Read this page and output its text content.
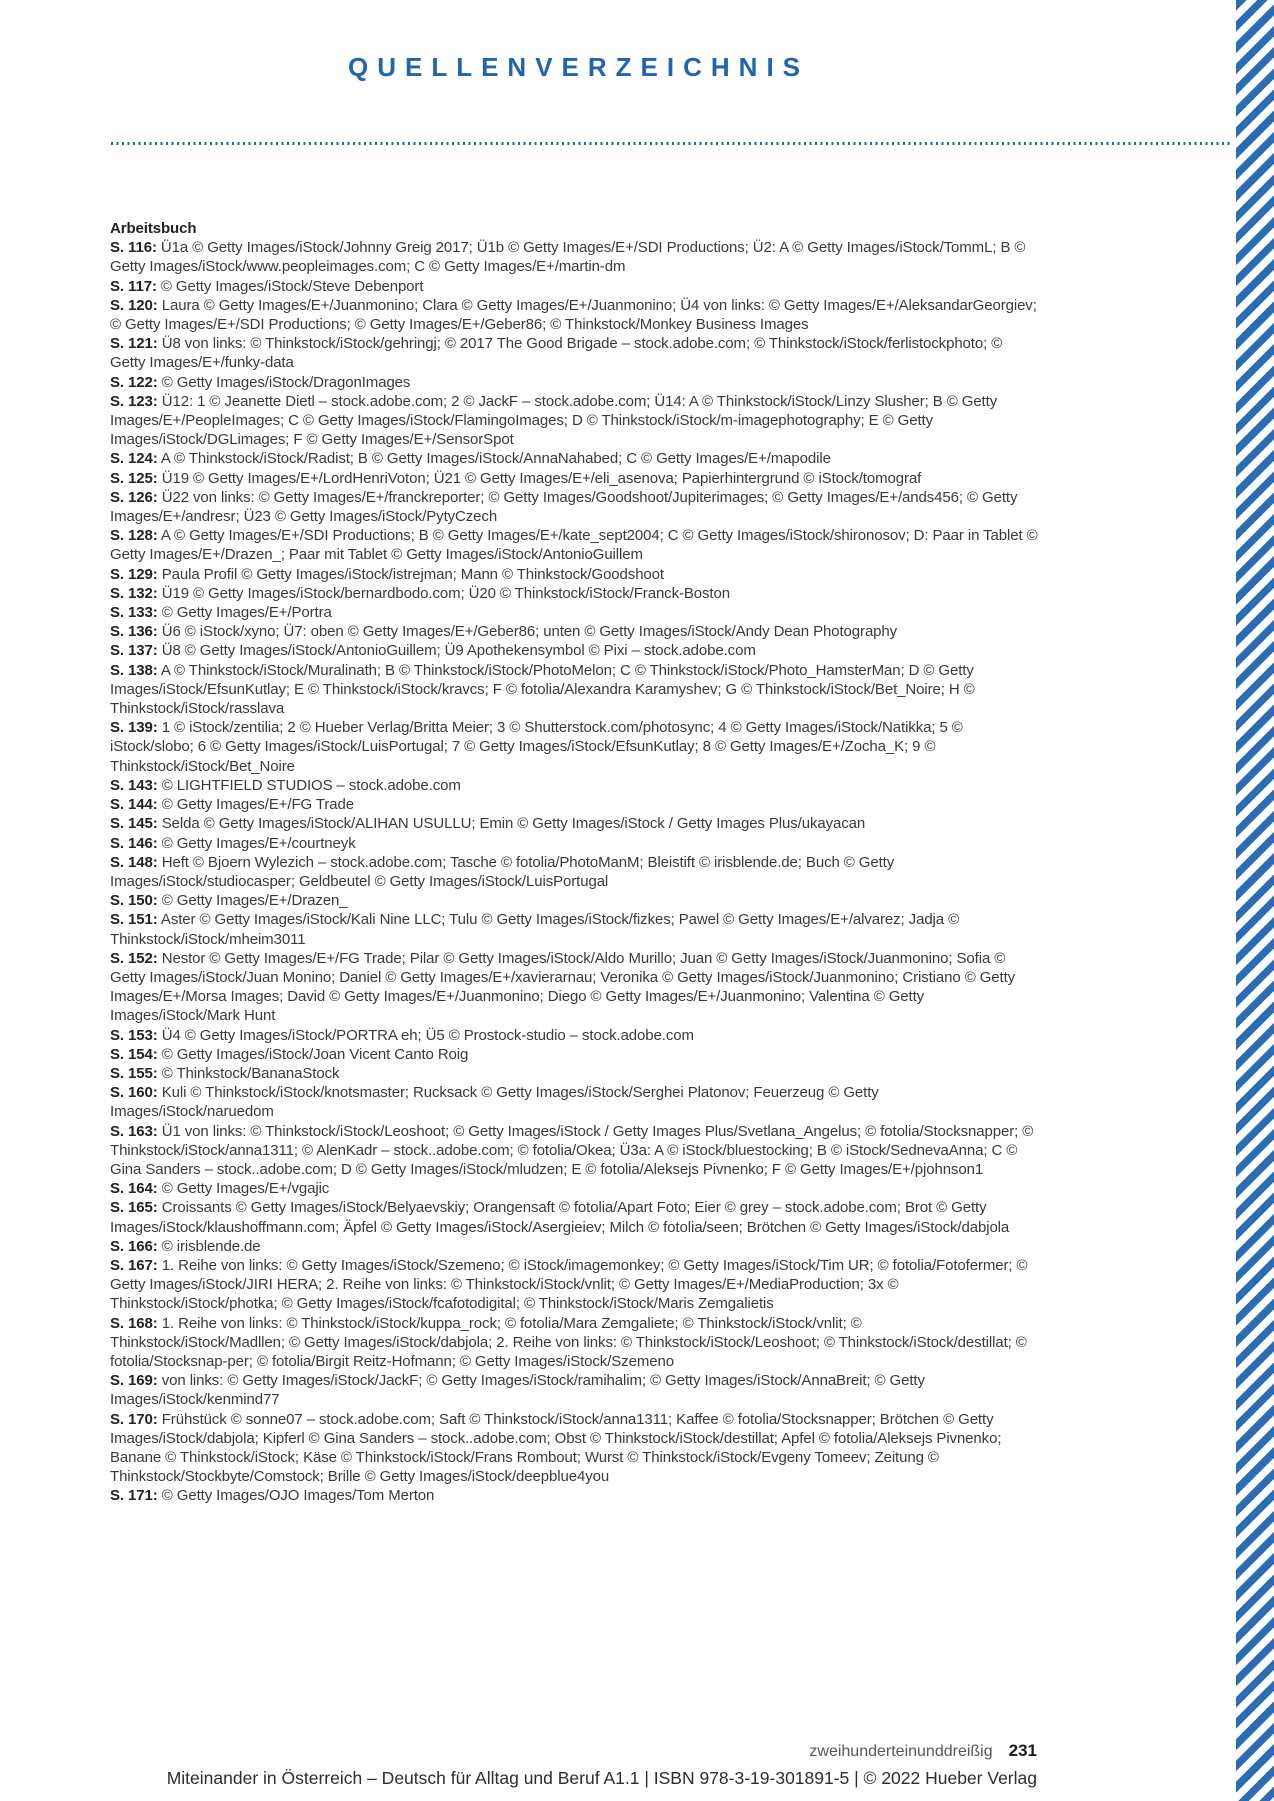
QUELLENVERZEICHNIS

Arbeitsbuch

S. 116: Ü1a © Getty Images/iStock/Johnny Greig 2017; Ü1b © Getty Images/E+/SDI Productions; Ü2: A © Getty Images/iStock/TommL; B © Getty Images/iStock/www.peopleimages.com; C © Getty Images/E+/martin-dm

S. 117: © Getty Images/iStock/Steve Debenport

S. 120: Laura © Getty Images/E+/Juanmonino; Clara © Getty Images/E+/Juanmonino; Ü4 von links: © Getty Images/E+/AleksandarGeorgiev; © Getty Images/E+/SDI Productions; © Getty Images/E+/Geber86; © Thinkstock/Monkey Business Images

S. 121: Ü8 von links: © Thinkstock/iStock/gehringj; © 2017 The Good Brigade – stock.adobe.com; © Thinkstock/iStock/ferlistockphoto; © Getty Images/E+/funky-data

S. 122: © Getty Images/iStock/DragonImages

S. 123: Ü12: 1 © Jeanette Dietl – stock.adobe.com; 2 © JackF – stock.adobe.com; Ü14: A © Thinkstock/iStock/Linzy Slusher; B © Getty Images/E+/PeopleImages; C © Getty Images/iStock/FlamingoImages; D © Thinkstock/iStock/m-imagephotography; E © Getty Images/iStock/DGLimages; F © Getty Images/E+/SensorSpot

S. 124: A © Thinkstock/iStock/Radist; B © Getty Images/iStock/AnnaNahabed; C © Getty Images/E+/mapodile

S. 125: Ü19 © Getty Images/E+/LordHenriVoton; Ü21 © Getty Images/E+/eli_asenova; Papierhintergrund © iStock/tomograf

S. 126: Ü22 von links: © Getty Images/E+/franckreporter; © Getty Images/Goodshoot/Jupiterimages; © Getty Images/E+/ands456; © Getty Images/E+/andresr; Ü23 © Getty Images/iStock/PytyCzech

S. 128: A © Getty Images/E+/SDI Productions; B © Getty Images/E+/kate_sept2004; C © Getty Images/iStock/shironosov; D: Paar in Tablet © Getty Images/E+/Drazen_; Paar mit Tablet © Getty Images/iStock/AntonioGuillem

S. 129: Paula Profil © Getty Images/iStock/istrejman; Mann © Thinkstock/Goodshoot

S. 132: Ü19 © Getty Images/iStock/bernardbodo.com; Ü20 © Thinkstock/iStock/Franck-Boston

S. 133: © Getty Images/E+/Portra

S. 136: Ü6 © iStock/xyno; Ü7: oben © Getty Images/E+/Geber86; unten © Getty Images/iStock/Andy Dean Photography

S. 137: Ü8 © Getty Images/iStock/AntonioGuillem; Ü9 Apothekensymbol © Pixi – stock.adobe.com

S. 138: A © Thinkstock/iStock/Muralinath; B © Thinkstock/iStock/PhotoMelon; C © Thinkstock/iStock/Photo_HamsterMan; D © Getty Images/iStock/EfsunKutlay; E © Thinkstock/iStock/kravcs; F © fotolia/Alexandra Karamyshev; G © Thinkstock/iStock/Bet_Noire; H © Thinkstock/iStock/rasslava

S. 139: 1 © iStock/zentilia; 2 © Hueber Verlag/Britta Meier; 3 © Shutterstock.com/photosync; 4 © Getty Images/iStock/Natikka; 5 © iStock/slobo; 6 © Getty Images/iStock/LuisPortugal; 7 © Getty Images/iStock/EfsunKutlay; 8 © Getty Images/E+/Zocha_K; 9 © Thinkstock/iStock/Bet_Noire

S. 143: © LIGHTFIELD STUDIOS – stock.adobe.com

S. 144: © Getty Images/E+/FG Trade

S. 145: Selda © Getty Images/iStock/ALIHAN USULLU; Emin © Getty Images/iStock / Getty Images Plus/ukayacan

S. 146: © Getty Images/E+/courtneyk

S. 148: Heft © Bjoern Wylezich – stock.adobe.com; Tasche © fotolia/PhotoManM; Bleistift © irisblende.de; Buch © Getty Images/iStock/studiocasper; Geldbeutel © Getty Images/iStock/LuisPortugal

S. 150: © Getty Images/E+/Drazen_

S. 151: Aster © Getty Images/iStock/Kali Nine LLC; Tulu © Getty Images/iStock/fizkes; Pawel © Getty Images/E+/alvarez; Jadja © Thinkstock/iStock/mheim3011

S. 152: Nestor © Getty Images/E+/FG Trade; Pilar © Getty Images/iStock/Aldo Murillo; Juan © Getty Images/iStock/Juanmonino; Sofia © Getty Images/iStock/Juan Monino; Daniel © Getty Images/E+/xavierarnau; Veronika © Getty Images/iStock/Juanmonino; Cristiano © Getty Images/E+/Morsa Images; David © Getty Images/E+/Juanmonino; Diego © Getty Images/E+/Juanmonino; Valentina © Getty Images/iStock/Mark Hunt

S. 153: Ü4 © Getty Images/iStock/PORTRA eh; Ü5 © Prostock-studio – stock.adobe.com

S. 154: © Getty Images/iStock/Joan Vicent Canto Roig

S. 155: © Thinkstock/BananaStock

S. 160: Kuli © Thinkstock/iStock/knotsmaster; Rucksack © Getty Images/iStock/Serghei Platonov; Feuerzeug © Getty Images/iStock/naruedom

S. 163: Ü1 von links: © Thinkstock/iStock/Leoshoot; © Getty Images/iStock / Getty Images Plus/Svetlana_Angelus; © fotolia/Stocksnapper; © Thinkstock/iStock/anna1311; © AlenKadr – stock..adobe.com; © fotolia/Okea; Ü3a: A © iStock/bluestocking; B © iStock/SednevaAnna; C © Gina Sanders – stock..adobe.com; D © Getty Images/iStock/mludzen; E © fotolia/Aleksejs Pivnenko; F © Getty Images/E+/pjohnson1

S. 164: © Getty Images/E+/vgajic

S. 165: Croissants © Getty Images/iStock/Belyaevskiy; Orangensaft © fotolia/Apart Foto; Eier © grey – stock.adobe.com; Brot © Getty Images/iStock/klaushoffmann.com; Äpfel © Getty Images/iStock/Asergieiev; Milch © fotolia/seen; Brötchen © Getty Images/iStock/dabjola

S. 166: © irisblende.de

S. 167: 1. Reihe von links: © Getty Images/iStock/Szemeno; © iStock/imagemonkey; © Getty Images/iStock/Tim UR; © fotolia/Fotofermer; © Getty Images/iStock/JIRI HERA; 2. Reihe von links: © Thinkstock/iStock/vnlit; © Getty Images/E+/MediaProduction; 3x © Thinkstock/iStock/photka; © Getty Images/iStock/fcafotodigital; © Thinkstock/iStock/Maris Zemgalietis

S. 168: 1. Reihe von links: © Thinkstock/iStock/kuppa_rock; © fotolia/Mara Zemgaliete; © Thinkstock/iStock/vnlit; © Thinkstock/iStock/Madllen; © Getty Images/iStock/dabjola; 2. Reihe von links: © Thinkstock/iStock/Leoshoot; © Thinkstock/iStock/destillat; © fotolia/Stocksnap-per; © fotolia/Birgit Reitz-Hofmann; © Getty Images/iStock/Szemeno

S. 169: von links: © Getty Images/iStock/JackF; © Getty Images/iStock/ramihalim; © Getty Images/iStock/AnnaBreit; © Getty Images/iStock/kenmind77

S. 170: Frühstück © sonne07 – stock.adobe.com; Saft © Thinkstock/iStock/anna1311; Kaffee © fotolia/Stocksnapper; Brötchen © Getty Images/iStock/dabjola; Kipferl © Gina Sanders – stock..adobe.com; Obst © Thinkstock/iStock/destillat; Apfel © fotolia/Aleksejs Pivnenko; Banane © Thinkstock/iStock; Käse © Thinkstock/iStock/Frans Rombout; Wurst © Thinkstock/iStock/Evgeny Tomeev; Zeitung © Thinkstock/Stockbyte/Comstock; Brille © Getty Images/iStock/deepblue4you

S. 171: © Getty Images/OJO Images/Tom Merton

zweihunderteinunddreißig 231
Miteinander in Österreich – Deutsch für Alltag und Beruf A1.1 | ISBN 978-3-19-301891-5 | © 2022 Hueber Verlag
